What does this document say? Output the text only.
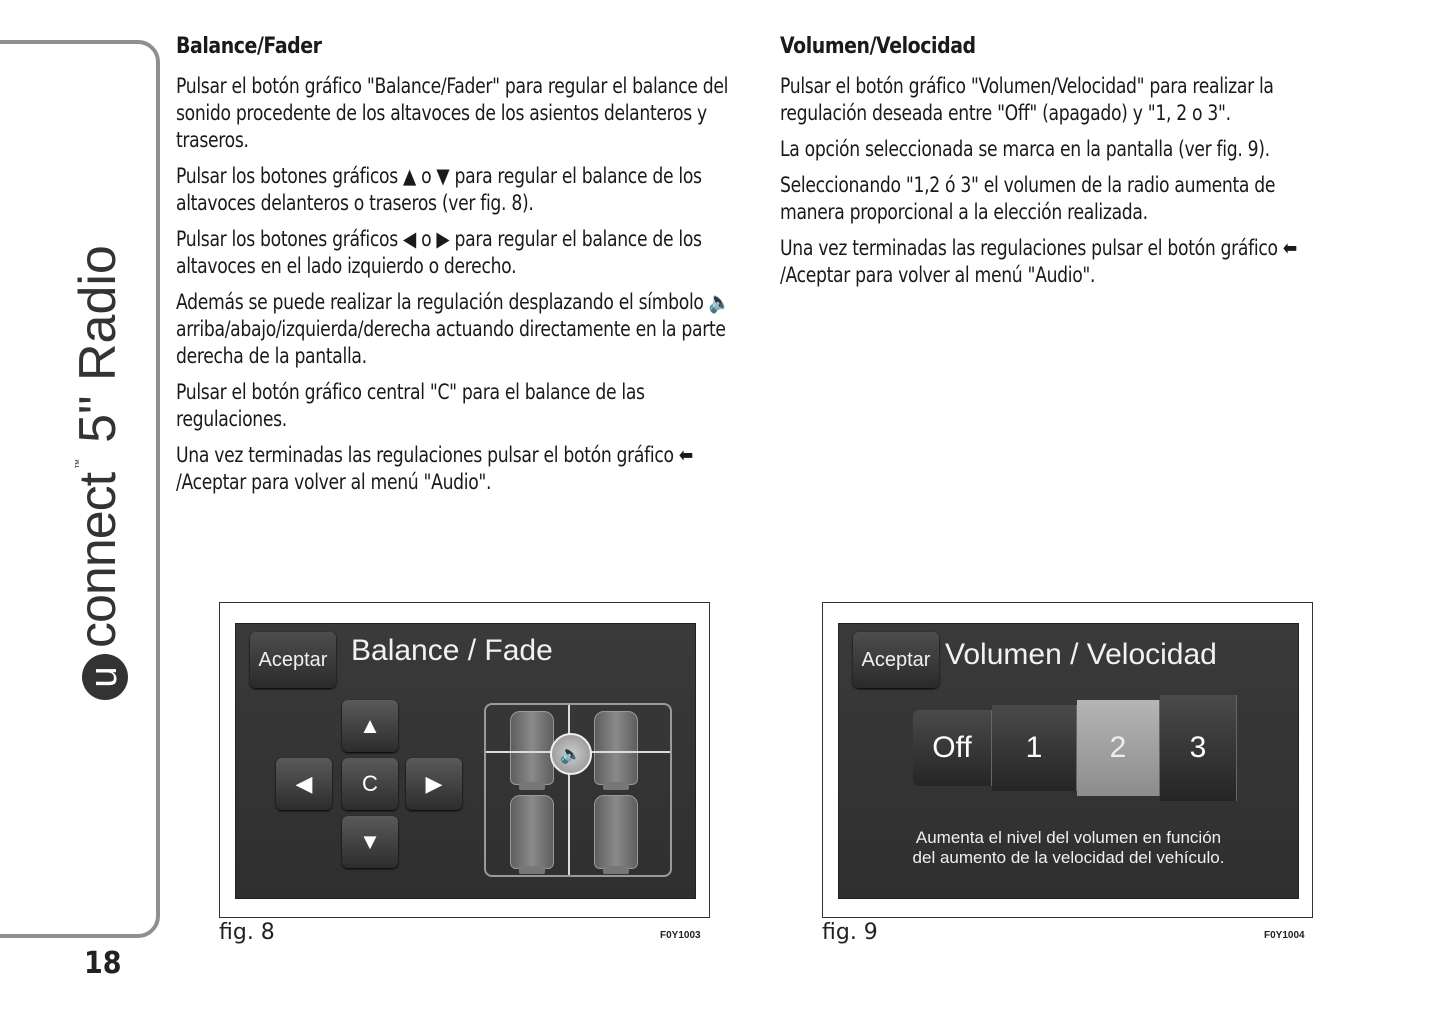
u
connect
™
5" Radio
18
Balance/Fader

Pulsar el botón gráfico "Balance/Fader" para regular el balance del sonido procedente de los altavoces de los asientos delanteros y traseros.

Pulsar los botones gráficos ▲ o ▼ para regular el balance de los altavoces delanteros o traseros (ver fig. 8).

Pulsar los botones gráficos ◀ o ▶ para regular el balance de los altavoces en el lado izquierdo o derecho.

Además se puede realizar la regulación desplazando el símbolo 🔈 arriba/abajo/izquierda/derecha actuando directamente en la parte derecha de la pantalla.

Pulsar el botón gráfico central "C" para el balance de las regulaciones.

Una vez terminadas las regulaciones pulsar el botón gráfico ⬅ /Aceptar para volver al menú "Audio".

Volumen/Velocidad

Pulsar el botón gráfico "Volumen/Velocidad" para realizar la regulación deseada entre "Off" (apagado) y "1, 2 o 3".

La opción seleccionada se marca en la pantalla (ver fig. 9).

Seleccionando "1,2 ó 3" el volumen de la radio aumenta de manera proporcional a la elección realizada.

Una vez terminadas las regulaciones pulsar el botón gráfico ⬅ /Aceptar para volver al menú "Audio".

Aceptar Balance / Fade
▲
◀	C	▶
▼
🔈
fig. 8	F0Y1003
Aceptar Volumen / Velocidad
Off	1	2	3
Aumenta el nivel del volumen en función
del aumento de la velocidad del vehículo.
fig. 9	F0Y1004
